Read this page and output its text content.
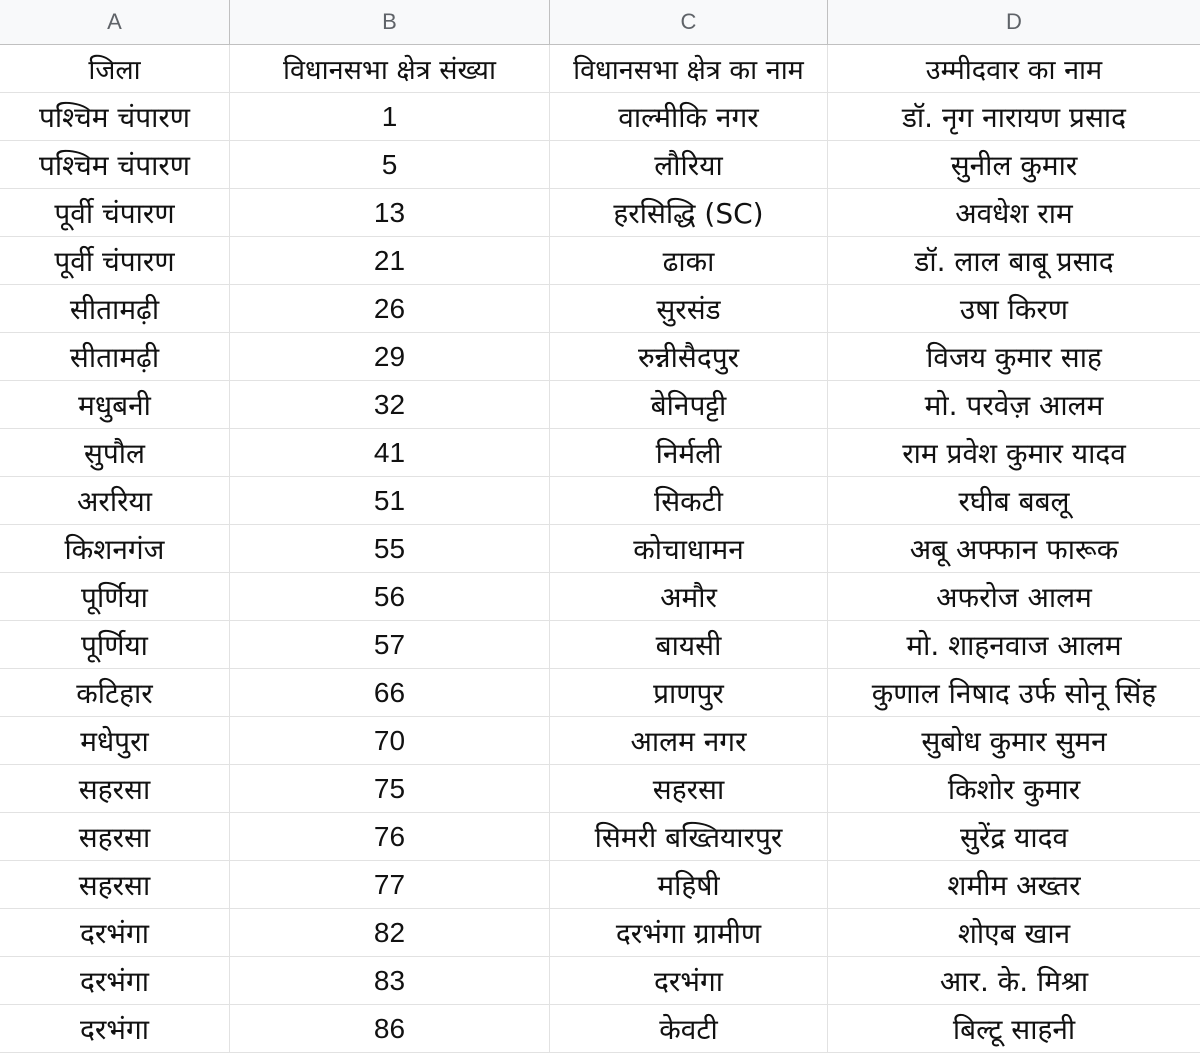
A	B	C	D
जिला	विधानसभा क्षेत्र संख्या	विधानसभा क्षेत्र का नाम	उम्मीदवार का नाम
पश्चिम चंपारण	1	वाल्मीकि नगर	डॉ. नृग नारायण प्रसाद
पश्चिम चंपारण	5	लौरिया	सुनील कुमार
पूर्वी चंपारण	13	हरसिद्धि (SC)	अवधेश राम
पूर्वी चंपारण	21	ढाका	डॉ. लाल बाबू प्रसाद
सीतामढ़ी	26	सुरसंड	उषा किरण
सीतामढ़ी	29	रुन्नीसैदपुर	विजय कुमार साह
मधुबनी	32	बेनिपट्टी	मो. परवेज़ आलम
सुपौल	41	निर्मली	राम प्रवेश कुमार यादव
अररिया	51	सिकटी	रघीब बबलू
किशनगंज	55	कोचाधामन	अबू अफ्फान फारूक
पूर्णिया	56	अमौर	अफरोज आलम
पूर्णिया	57	बायसी	मो. शाहनवाज आलम
कटिहार	66	प्राणपुर	कुणाल निषाद उर्फ सोनू सिंह
मधेपुरा	70	आलम नगर	सुबोध कुमार सुमन
सहरसा	75	सहरसा	किशोर कुमार
सहरसा	76	सिमरी बख्तियारपुर	सुरेंद्र यादव
सहरसा	77	महिषी	शमीम अख्तर
दरभंगा	82	दरभंगा ग्रामीण	शोएब खान
दरभंगा	83	दरभंगा	आर. के. मिश्रा
दरभंगा	86	केवटी	बिल्टू साहनी
